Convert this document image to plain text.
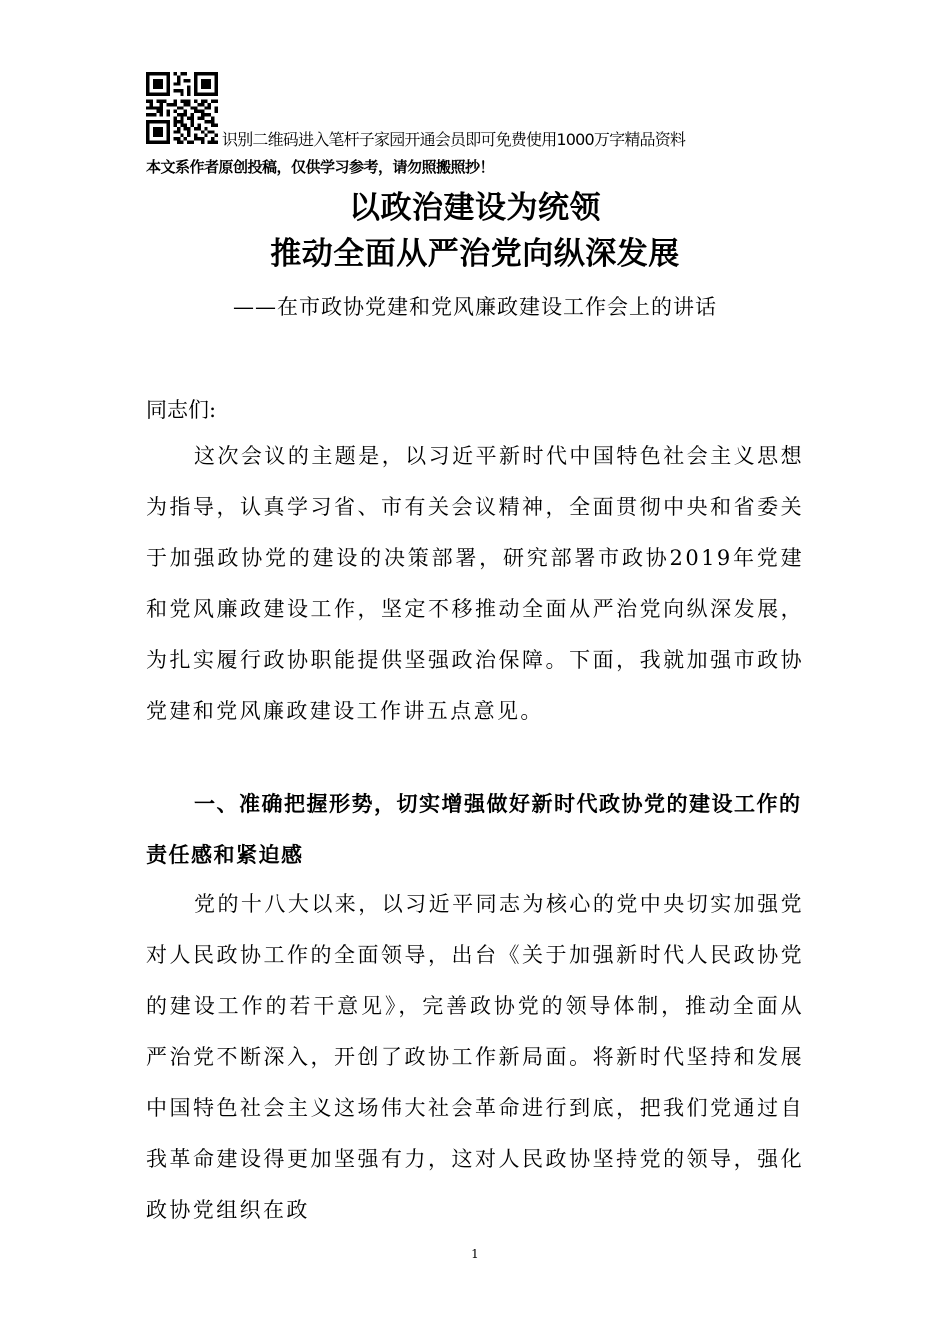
识别二维码进入笔杆子家园开通会员即可免费使用1000万字精品资料
本文系作者原创投稿，仅供学习参考，请勿照搬照抄！
以政治建设为统领
推动全面从严治党向纵深发展
——在市政协党建和党风廉政建设工作会上的讲话
同志们:
这次会议的主题是，以习近平新时代中国特色社会主义思想为指导，认真学习省、市有关会议精神，全面贯彻中央和省委关于加强政协党的建设的决策部署，研究部署市政协2019年党建和党风廉政建设工作，坚定不移推动全面从严治党向纵深发展，为扎实履行政协职能提供坚强政治保障。下面，我就加强市政协党建和党风廉政建设工作讲五点意见。
一、准确把握形势，切实增强做好新时代政协党的建设工作的责任感和紧迫感
党的十八大以来，以习近平同志为核心的党中央切实加强党对人民政协工作的全面领导，出台《关于加强新时代人民政协党的建设工作的若干意见》，完善政协党的领导体制，推动全面从严治党不断深入，开创了政协工作新局面。将新时代坚持和发展中国特色社会主义这场伟大社会革命进行到底，把我们党通过自我革命建设得更加坚强有力，这对人民政协坚持党的领导，强化政协党组织在政
1
